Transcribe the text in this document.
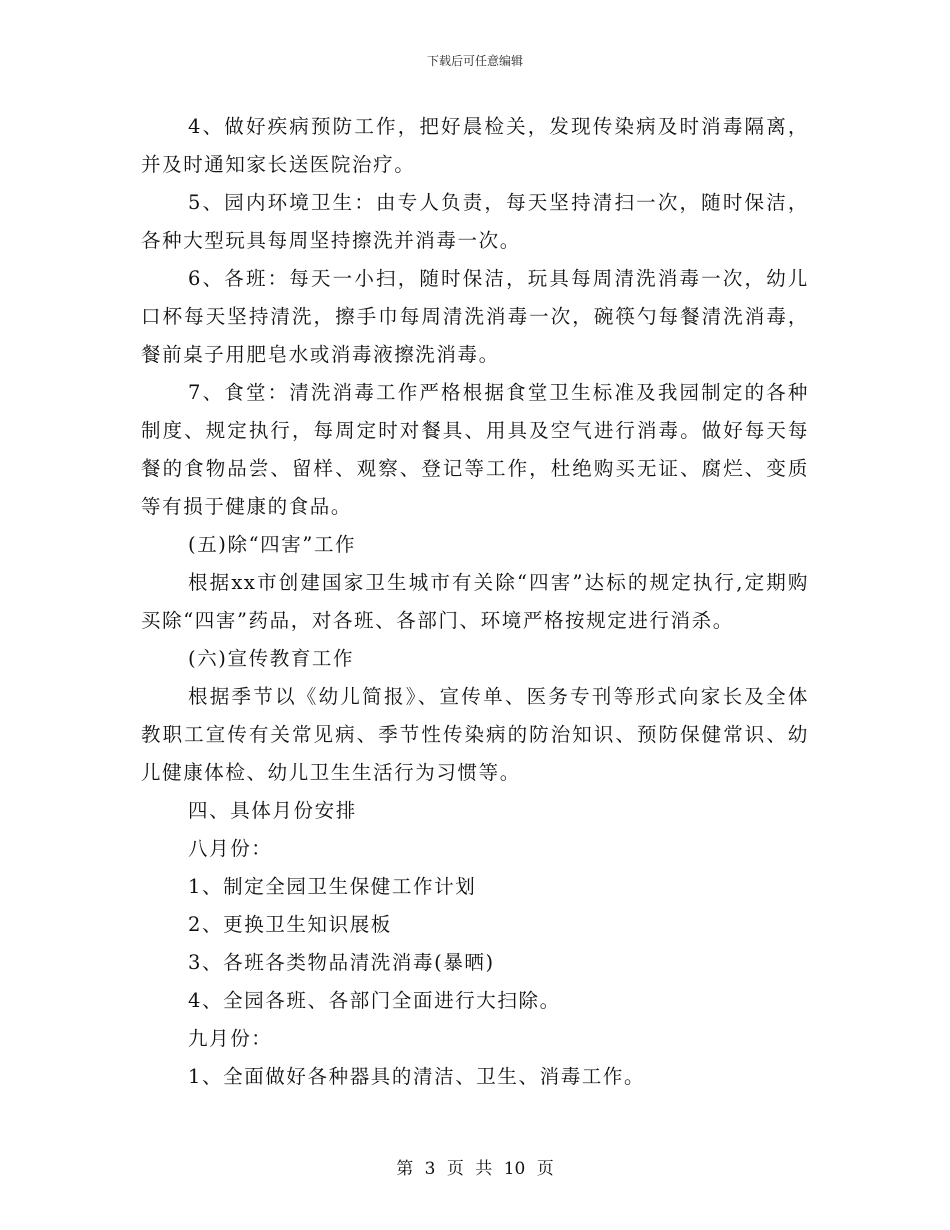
下载后可任意编辑

4、做好疾病预防工作，把好晨检关，发现传染病及时消毒隔离，并及时通知家长送医院治疗。

5、园内环境卫生：由专人负责，每天坚持清扫一次，随时保洁，各种大型玩具每周坚持擦洗并消毒一次。

6、各班：每天一小扫，随时保洁，玩具每周清洗消毒一次，幼儿口杯每天坚持清洗，擦手巾每周清洗消毒一次，碗筷勺每餐清洗消毒，餐前桌子用肥皂水或消毒液擦洗消毒。

7、食堂：清洗消毒工作严格根据食堂卫生标准及我园制定的各种制度、规定执行，每周定时对餐具、用具及空气进行消毒。做好每天每餐的食物品尝、留样、观察、登记等工作，杜绝购买无证、腐烂、变质等有损于健康的食品。

(五)除“四害”工作

根据xx市创建国家卫生城市有关除“四害”达标的规定执行,定期购买除“四害”药品，对各班、各部门、环境严格按规定进行消杀。

(六)宣传教育工作

根据季节以《幼儿简报》、宣传单、医务专刊等形式向家长及全体教职工宣传有关常见病、季节性传染病的防治知识、预防保健常识、幼儿健康体检、幼儿卫生生活行为习惯等。

四、具体月份安排

八月份：

1、制定全园卫生保健工作计划

2、更换卫生知识展板

3、各班各类物品清洗消毒(暴晒)

4、全园各班、各部门全面进行大扫除。

九月份：

1、全面做好各种器具的清洁、卫生、消毒工作。

第 3 页 共 10 页
